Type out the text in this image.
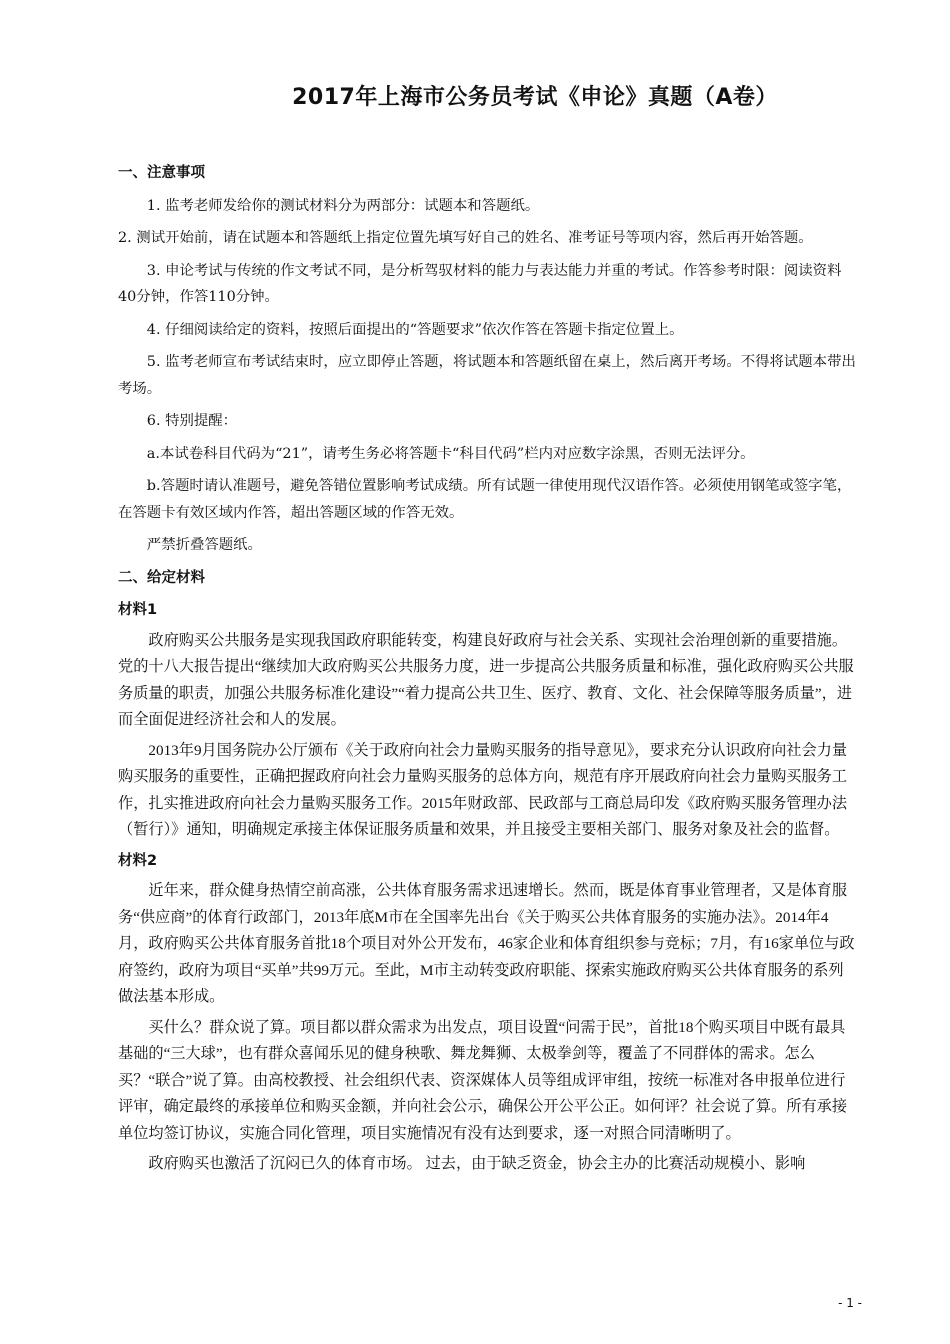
2017年上海市公务员考试《申论》真题（A卷）
一、注意事项

1. 监考老师发给你的测试材料分为两部分：试题本和答题纸。

2. 测试开始前，请在试题本和答题纸上指定位置先填写好自己的姓名、准考证号等项内容，然后再开始答题。

3. 申论考试与传统的作文考试不同，是分析驾驭材料的能力与表达能力并重的考试。作答参考时限：阅读资料40分钟，作答110分钟。

4. 仔细阅读给定的资料，按照后面提出的“答题要求”依次作答在答题卡指定位置上。

5. 监考老师宣布考试结束时，应立即停止答题，将试题本和答题纸留在桌上，然后离开考场。不得将试题本带出考场。

6. 特别提醒：

a.本试卷科目代码为“21”，请考生务必将答题卡“科目代码”栏内对应数字涂黑，否则无法评分。

b.答题时请认准题号，避免答错位置影响考试成绩。所有试题一律使用现代汉语作答。必须使用钢笔或签字笔，在答题卡有效区域内作答，超出答题区域的作答无效。

严禁折叠答题纸。

二、给定材料
材料1

政府购买公共服务是实现我国政府职能转变，构建良好政府与社会关系、实现社会治理创新的重要措施。党的十八大报告提出“继续加大政府购买公共服务力度，进一步提高公共服务质量和标准，强化政府购买公共服务质量的职责，加强公共服务标准化建设”“着力提高公共卫生、医疗、教育、文化、社会保障等服务质量”，进而全面促进经济社会和人的发展。

2013年9月国务院办公厅颁布《关于政府向社会力量购买服务的指导意见》，要求充分认识政府向社会力量购买服务的重要性，正确把握政府向社会力量购买服务的总体方向，规范有序开展政府向社会力量购买服务工作，扎实推进政府向社会力量购买服务工作。2015年财政部、民政部与工商总局印发《政府购买服务管理办法（暂行）》通知，明确规定承接主体保证服务质量和效果，并且接受主要相关部门、服务对象及社会的监督。

材料2

近年来，群众健身热情空前高涨，公共体育服务需求迅速增长。然而，既是体育事业管理者，又是体育服务“供应商”的体育行政部门，2013年底M市在全国率先出台《关于购买公共体育服务的实施办法》。2014年4月，政府购买公共体育服务首批18个项目对外公开发布，46家企业和体育组织参与竞标；7月，有16家单位与政府签约，政府为项目“买单”共99万元。至此，M市主动转变政府职能、探索实施政府购买公共体育服务的系列做法基本形成。

买什么？群众说了算。项目都以群众需求为出发点，项目设置“问需于民”，首批18个购买项目中既有最具基础的“三大球”，也有群众喜闻乐见的健身秧歌、舞龙舞狮、太极拳剑等，覆盖了不同群体的需求。怎么买？“联合”说了算。由高校教授、社会组织代表、资深媒体人员等组成评审组，按统一标准对各申报单位进行评审，确定最终的承接单位和购买金额，并向社会公示，确保公开公平公正。如何评？社会说了算。所有承接单位均签订协议，实施合同化管理，项目实施情况有没有达到要求，逐一对照合同清晰明了。

政府购买也激活了沉闷已久的体育市场。 过去，由于缺乏资金，协会主办的比赛活动规模小、影响

- 1 -
